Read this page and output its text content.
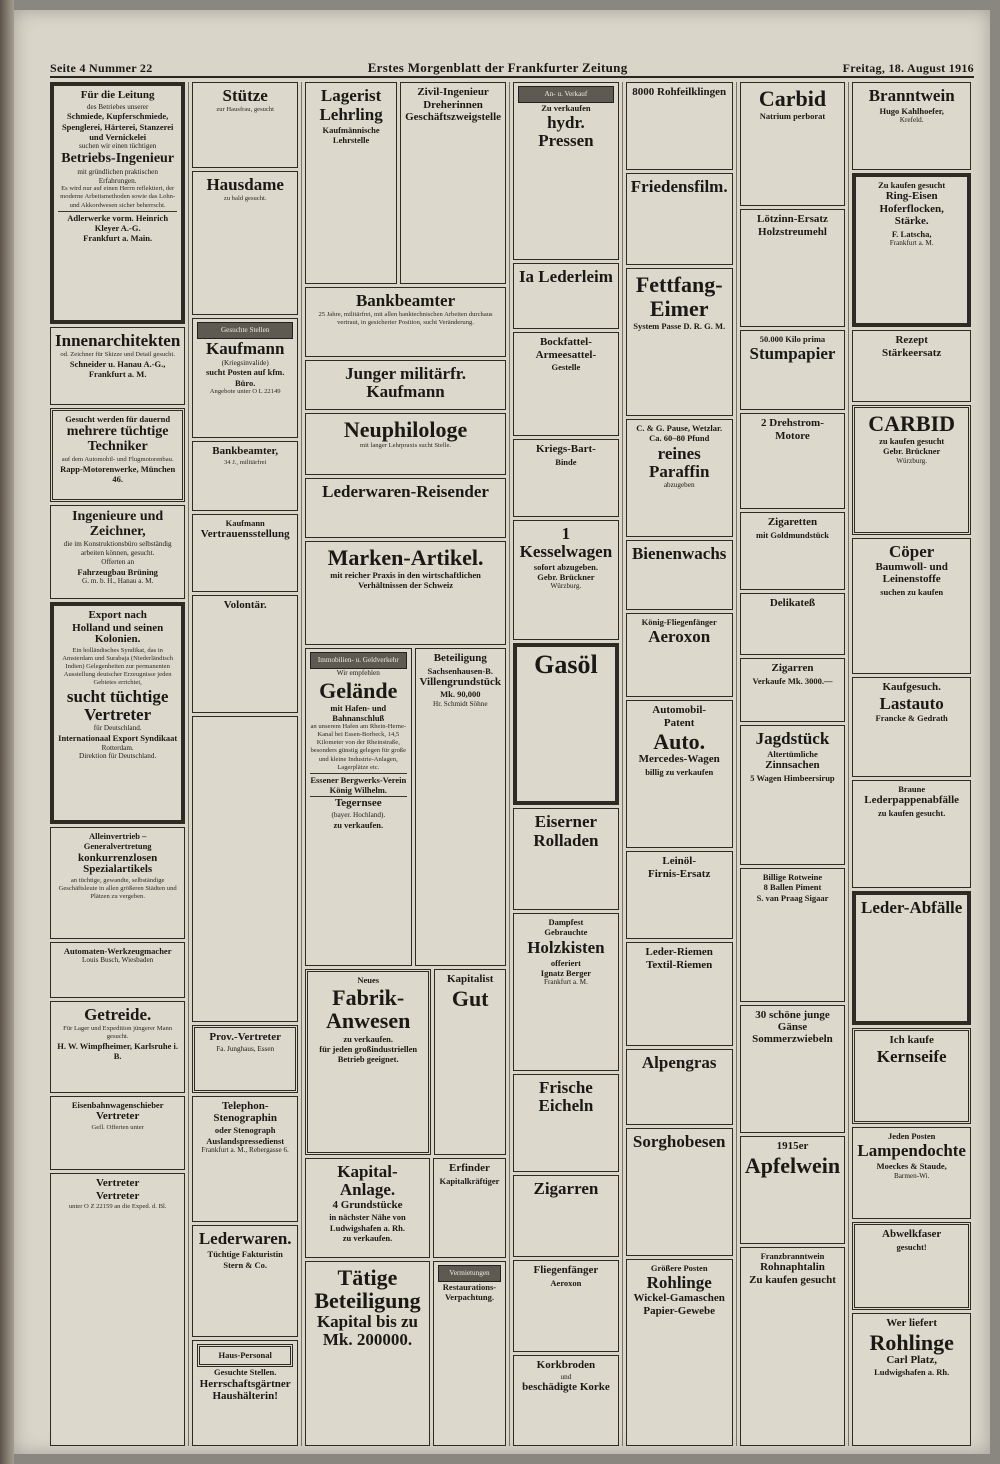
Seite 4 Nummer 22	Erstes Morgenblatt der Frankfurter Zeitung	Freitag, 18. August 1916
Für die Leitung
des Betriebes unserer
Schmiede, Kupferschmiede, Spenglerei, Härterei, Stanzerei und Vernickelei
suchen wir einen tüchtigen
Betriebs-Ingenieur
mit gründlichen praktischen Erfahrungen.
Es wird nur auf einen Herrn reflektiert, der moderne Arbeitsmethoden sowie das Lohn- und Akkordwesen sicher beherrscht.
Adlerwerke vorm. Heinrich Kleyer A.-G.
Frankfurt a. Main.
Innenarchitekten
od. Zeichner für Skizze und Detail gesucht.
Schneider u. Hanau A.-G., Frankfurt a. M.
Gesucht werden für dauernd
mehrere tüchtige Techniker
auf dem Automobil- und Flugmotorenbau.
Rapp-Motorenwerke, München 46.
Ingenieure und Zeichner,
die im Konstruktionsbüro selbständig arbeiten können, gesucht.
Offerten an
Fahrzeugbau Brüning
G. m. b. H., Hanau a. M.
Export nach
Holland und seinen Kolonien.
Ein holländisches Syndikat, das in Amsterdam und Surabaja (Niederländisch Indien) Gelegenheiten zur permanenten Ausstellung deutscher Erzeugnisse jeden Gebietes errichtet,
sucht tüchtige Vertreter
für Deutschland.
Internationaal Export Syndikaat
Rotterdam.
Direktion für Deutschland.
Alleinvertrieb – Generalvertretung
konkurrenzlosen Spezialartikels
an tüchtige, gewandte, selbständige Geschäftsleute in allen größeren Städten und Plätzen zu vergeben.
Automaten-Werkzeugmacher
Louis Busch, Wiesbaden
Getreide.
Für Lager und Expedition jüngerer Mann gesucht.
H. W. Wimpfheimer, Karlsruhe i. B.
Eisenbahnwagenschieber
Vertreter
Gefl. Offerten unter
Vertreter
Vertreter
unter O Z 22159 an die Exped. d. Bl.
Stütze
zur Hausfrau, gesucht
Hausdame
zu bald gesucht.
Gesuchte Stellen
Kaufmann
(Kriegsinvalide)
sucht Posten auf kfm. Büro.
Angebote unter O L 22149
Bankbeamter,
34 J., militärfrei
Kaufmann
Vertrauensstellung
Volontär.
Prov.-Vertreter
Fa. Junghaus, Essen
Telephon-Stenographin
oder Stenograph
Auslandspressedienst
Frankfurt a. M., Rebergasse 6.
Lederwaren.
Tüchtige Fakturistin
Stern & Co.
Haus-Personal
Gesuchte Stellen.
Herrschaftsgärtner
Haushälterin!
Lagerist
Lehrling
Kaufmännische Lehrstelle
Zivil-Ingenieur
Dreherinnen
Geschäftszweigstelle
Bankbeamter
25 Jahre, militärfrei, mit allen banktechnischen Arbeiten durchaus vertraut, in gesicherter Position, sucht Veränderung.
Junger militärfr. Kaufmann
Neuphilologe
mit langer Lehrpraxis sucht Stelle.
Lederwaren-Reisender
Marken-Artikel.
mit reicher Praxis in den wirtschaftlichen Verhältnissen der Schweiz
Immobilien- u. Geldverkehr
Wir empfehlen
Gelände
mit Hafen- und Bahnanschluß
an unserem Hafen am Rhein-Herne-Kanal bei Essen-Borbeck, 14,5 Kilometer von der Rheinstraße, besonders günstig gelegen für große und kleine Industrie-Anlagen, Lagerplätze etc.
Essener Bergwerks-Verein König Wilhelm.
Tegernsee
(bayer. Hochland).
zu verkaufen.
Beteiligung
Sachsenhausen-B.
Villengrundstück
Mk. 90,000
Hr. Schmidt Söhne
Neues
Fabrik-Anwesen
zu verkaufen.
für jeden großindustriellen Betrieb geeignet.
Kapitalist
Gut
Kapital-Anlage.
4 Grundstücke
in nächster Nähe von Ludwigshafen a. Rh.
zu verkaufen.
Erfinder
Kapitalkräftiger
Tätige Beteiligung
Kapital bis zu Mk. 200000.
Vermietungen
Restaurations-Verpachtung.
An- u. Verkauf
Zu verkaufen
hydr. Pressen
Ia Lederleim
Bockfattel-
Armeesattel-
Gestelle
Kriegs-Bart-
Binde
1 Kesselwagen
sofort abzugeben.
Gebr. Brückner
Würzburg.
Gasöl
Eiserner
Rolladen
Dampfest
Gebrauchte
Holzkisten
offeriert
Ignatz Berger
Frankfurt a. M.
Frische Eicheln
Zigarren
Fliegenfänger
Aeroxon
Korkbroden
und
beschädigte Korke
8000 Rohfeilklingen
Friedensfilm.
Fettfang-
Eimer
System Passe D. R. G. M.
C. & G. Pause, Wetzlar.
Ca. 60–80 Pfund
reines Paraffin
abzugeben
Bienenwachs
König-Fliegenfänger
Aeroxon
Automobil-
Patent
Auto.
Mercedes-Wagen
billig zu verkaufen
Leinöl-
Firnis-Ersatz
Leder-Riemen
Textil-Riemen
Alpengras
Sorghobesen
Größere Posten
Rohlinge
Wickel-Gamaschen
Papier-Gewebe
Carbid
Natrium perborat
Lötzinn-Ersatz
Holzstreumehl
50.000 Kilo prima
Stumpapier
2 Drehstrom-
Motore
Zigaretten
mit Goldmundstück
Delikateß
Zigarren
Verkaufe Mk. 3000.—
Jagdstück
Altertümliche
Zinnsachen
5 Wagen Himbeersirup
Billige Rotweine
8 Ballen Piment
S. van Praag Sigaar
30 schöne junge Gänse
Sommerzwiebeln
1915er
Apfelwein
Franzbranntwein
Rohnaphtalin
Zu kaufen gesucht
Branntwein
Hugo Kahlhoefer,
Krefeld.
Zu kaufen gesucht
Ring-Eisen
Hoferflocken,
Stärke.
F. Latscha,
Frankfurt a. M.
Rezept
Stärkeersatz
CARBID
zu kaufen gesucht
Gebr. Brückner
Würzburg.
Cöper
Baumwoll- und
Leinenstoffe
suchen zu kaufen
Kaufgesuch.
Lastauto
Francke & Gedrath
Braune
Lederpappenabfälle
zu kaufen gesucht.
Leder-Abfälle
Ich kaufe
Kernseife
Jeden Posten
Lampendochte
Moeckes & Staude,
Barmen-Wi.
Abwelkfaser
gesucht!
Wer liefert
Rohlinge
Carl Platz,
Ludwigshafen a. Rh.
